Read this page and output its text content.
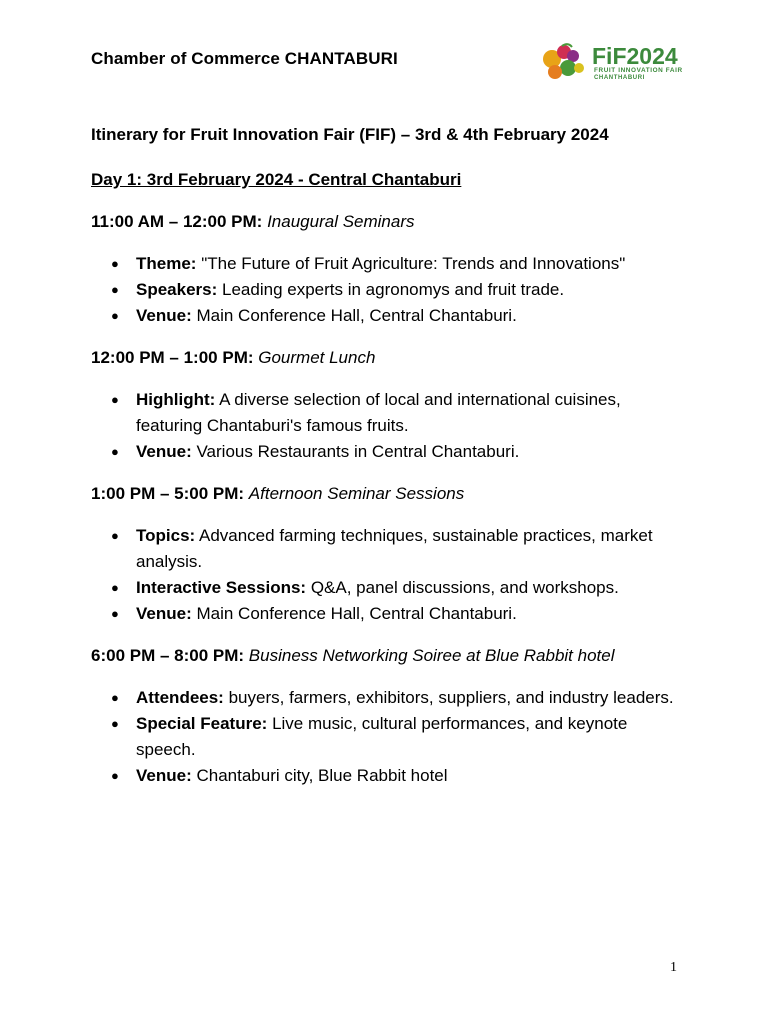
Chamber of Commerce CHANTABURI	FiF2024
FRUIT INNOVATION FAIR
CHANTHABURI
Itinerary for Fruit Innovation Fair (FIF) – 3rd & 4th February 2024
Day 1: 3rd February 2024 - Central Chantaburi
11:00 AM – 12:00 PM: Inaugural Seminars
● Theme: "The Future of Fruit Agriculture: Trends and Innovations"
● Speakers: Leading experts in agronomys and fruit trade.
● Venue: Main Conference Hall, Central Chantaburi.
12:00 PM – 1:00 PM: Gourmet Lunch
● Highlight: A diverse selection of local and international cuisines, featuring Chantaburi's famous fruits.
● Venue: Various Restaurants in Central Chantaburi.
1:00 PM – 5:00 PM: Afternoon Seminar Sessions
● Topics: Advanced farming techniques, sustainable practices, market analysis.
● Interactive Sessions: Q&A, panel discussions, and workshops.
● Venue: Main Conference Hall, Central Chantaburi.
6:00 PM – 8:00 PM: Business Networking Soiree at Blue Rabbit hotel
● Attendees: buyers, farmers, exhibitors, suppliers, and industry leaders.
● Special Feature: Live music, cultural performances, and keynote speech.
● Venue: Chantaburi city, Blue Rabbit hotel
1
